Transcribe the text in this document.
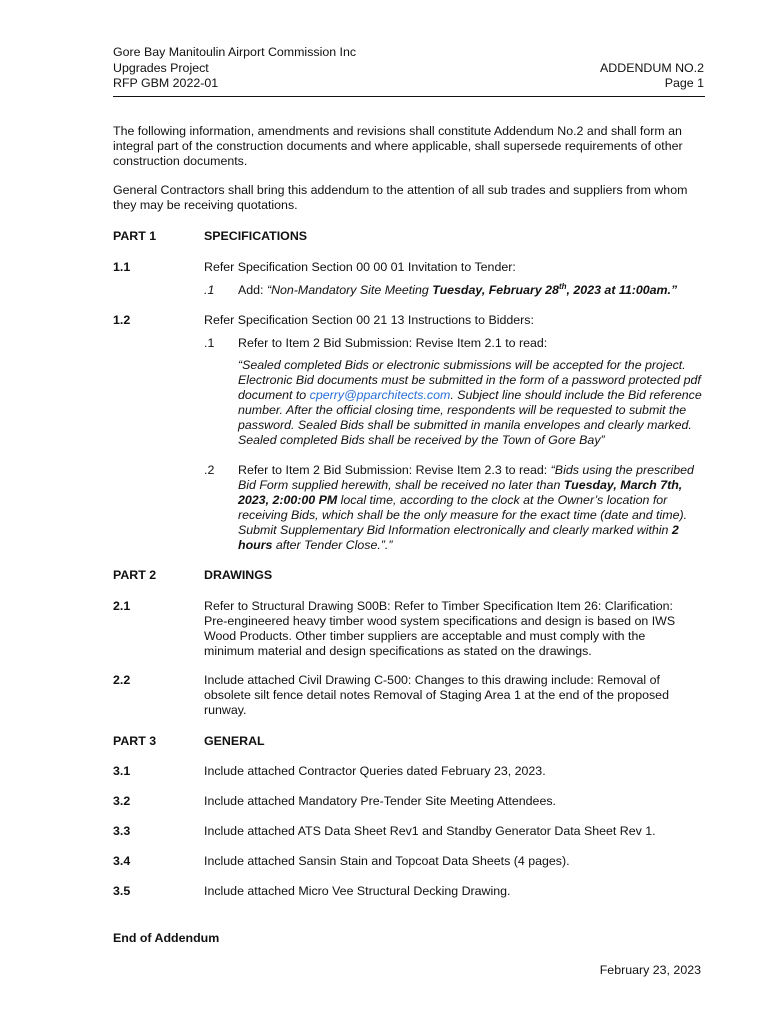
Gore Bay Manitoulin Airport Commission Inc
Upgrades Project
RFP GBM 2022-01
ADDENDUM NO.2
Page 1
The following information, amendments and revisions shall constitute Addendum No.2 and shall form an integral part of the construction documents and where applicable, shall supersede requirements of other construction documents.
General Contractors shall bring this addendum to the attention of all sub trades and suppliers from whom they may be receiving quotations.
PART 1	SPECIFICATIONS
1.1	Refer Specification Section 00 00 01 Invitation to Tender:
.1	Add: “Non-Mandatory Site Meeting Tuesday, February 28th, 2023 at 11:00am.”
1.2	Refer Specification Section 00 21 13 Instructions to Bidders:
.1	Refer to Item 2 Bid Submission: Revise Item 2.1 to read:
“Sealed completed Bids or electronic submissions will be accepted for the project. Electronic Bid documents must be submitted in the form of a password protected pdf document to cperry@pparchitects.com. Subject line should include the Bid reference number. After the official closing time, respondents will be requested to submit the password. Sealed Bids shall be submitted in manila envelopes and clearly marked. Sealed completed Bids shall be received by the Town of Gore Bay”
.2	Refer to Item 2 Bid Submission: Revise Item 2.3 to read: “Bids using the prescribed Bid Form supplied herewith, shall be received no later than Tuesday, March 7th, 2023, 2:00:00 PM local time, according to the clock at the Owner’s location for receiving Bids, which shall be the only measure for the exact time (date and time). Submit Supplementary Bid Information electronically and clearly marked within 2 hours after Tender Close.”.”
PART 2	DRAWINGS
2.1	Refer to Structural Drawing S00B: Refer to Timber Specification Item 26: Clarification: Pre-engineered heavy timber wood system specifications and design is based on IWS Wood Products. Other timber suppliers are acceptable and must comply with the minimum material and design specifications as stated on the drawings.
2.2	Include attached Civil Drawing C-500: Changes to this drawing include: Removal of obsolete silt fence detail notes Removal of Staging Area 1 at the end of the proposed runway.
PART 3	GENERAL
3.1	Include attached Contractor Queries dated February 23, 2023.
3.2	Include attached Mandatory Pre-Tender Site Meeting Attendees.
3.3	Include attached ATS Data Sheet Rev1 and Standby Generator Data Sheet Rev 1.
3.4	Include attached Sansin Stain and Topcoat Data Sheets (4 pages).
3.5	Include attached Micro Vee Structural Decking Drawing.
End of Addendum
February 23, 2023
